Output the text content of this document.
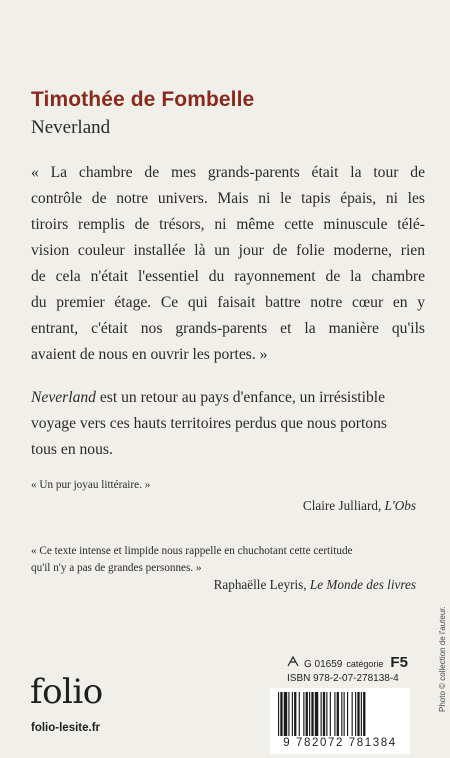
Timothée de Fombelle
Neverland
« La chambre de mes grands-parents était la tour de
contrôle de notre univers. Mais ni le tapis épais, ni les
tiroirs remplis de trésors, ni même cette minuscule télé-
vision couleur installée là un jour de folie moderne, rien
de cela n'était l'essentiel du rayonnement de la chambre
du premier étage. Ce qui faisait battre notre cœur en y
entrant, c'était nos grands-parents et la manière qu'ils
avaient de nous en ouvrir les portes. »
Neverland est un retour au pays d'enfance, un irrésistible
voyage vers ces hauts territoires perdus que nous portons
tous en nous.
« Un pur joyau littéraire. »
Claire Julliard, L'Obs
« Ce texte intense et limpide nous rappelle en chuchotant cette certitude
qu'il n'y a pas de grandes personnes. »
Raphaëlle Leyris, Le Monde des livres
folio
folio-lesite.fr
G 01659 catégorie F5
ISBN 978-2-07-278138-4
9 782072 781384
Photo © collection de l'auteur.
